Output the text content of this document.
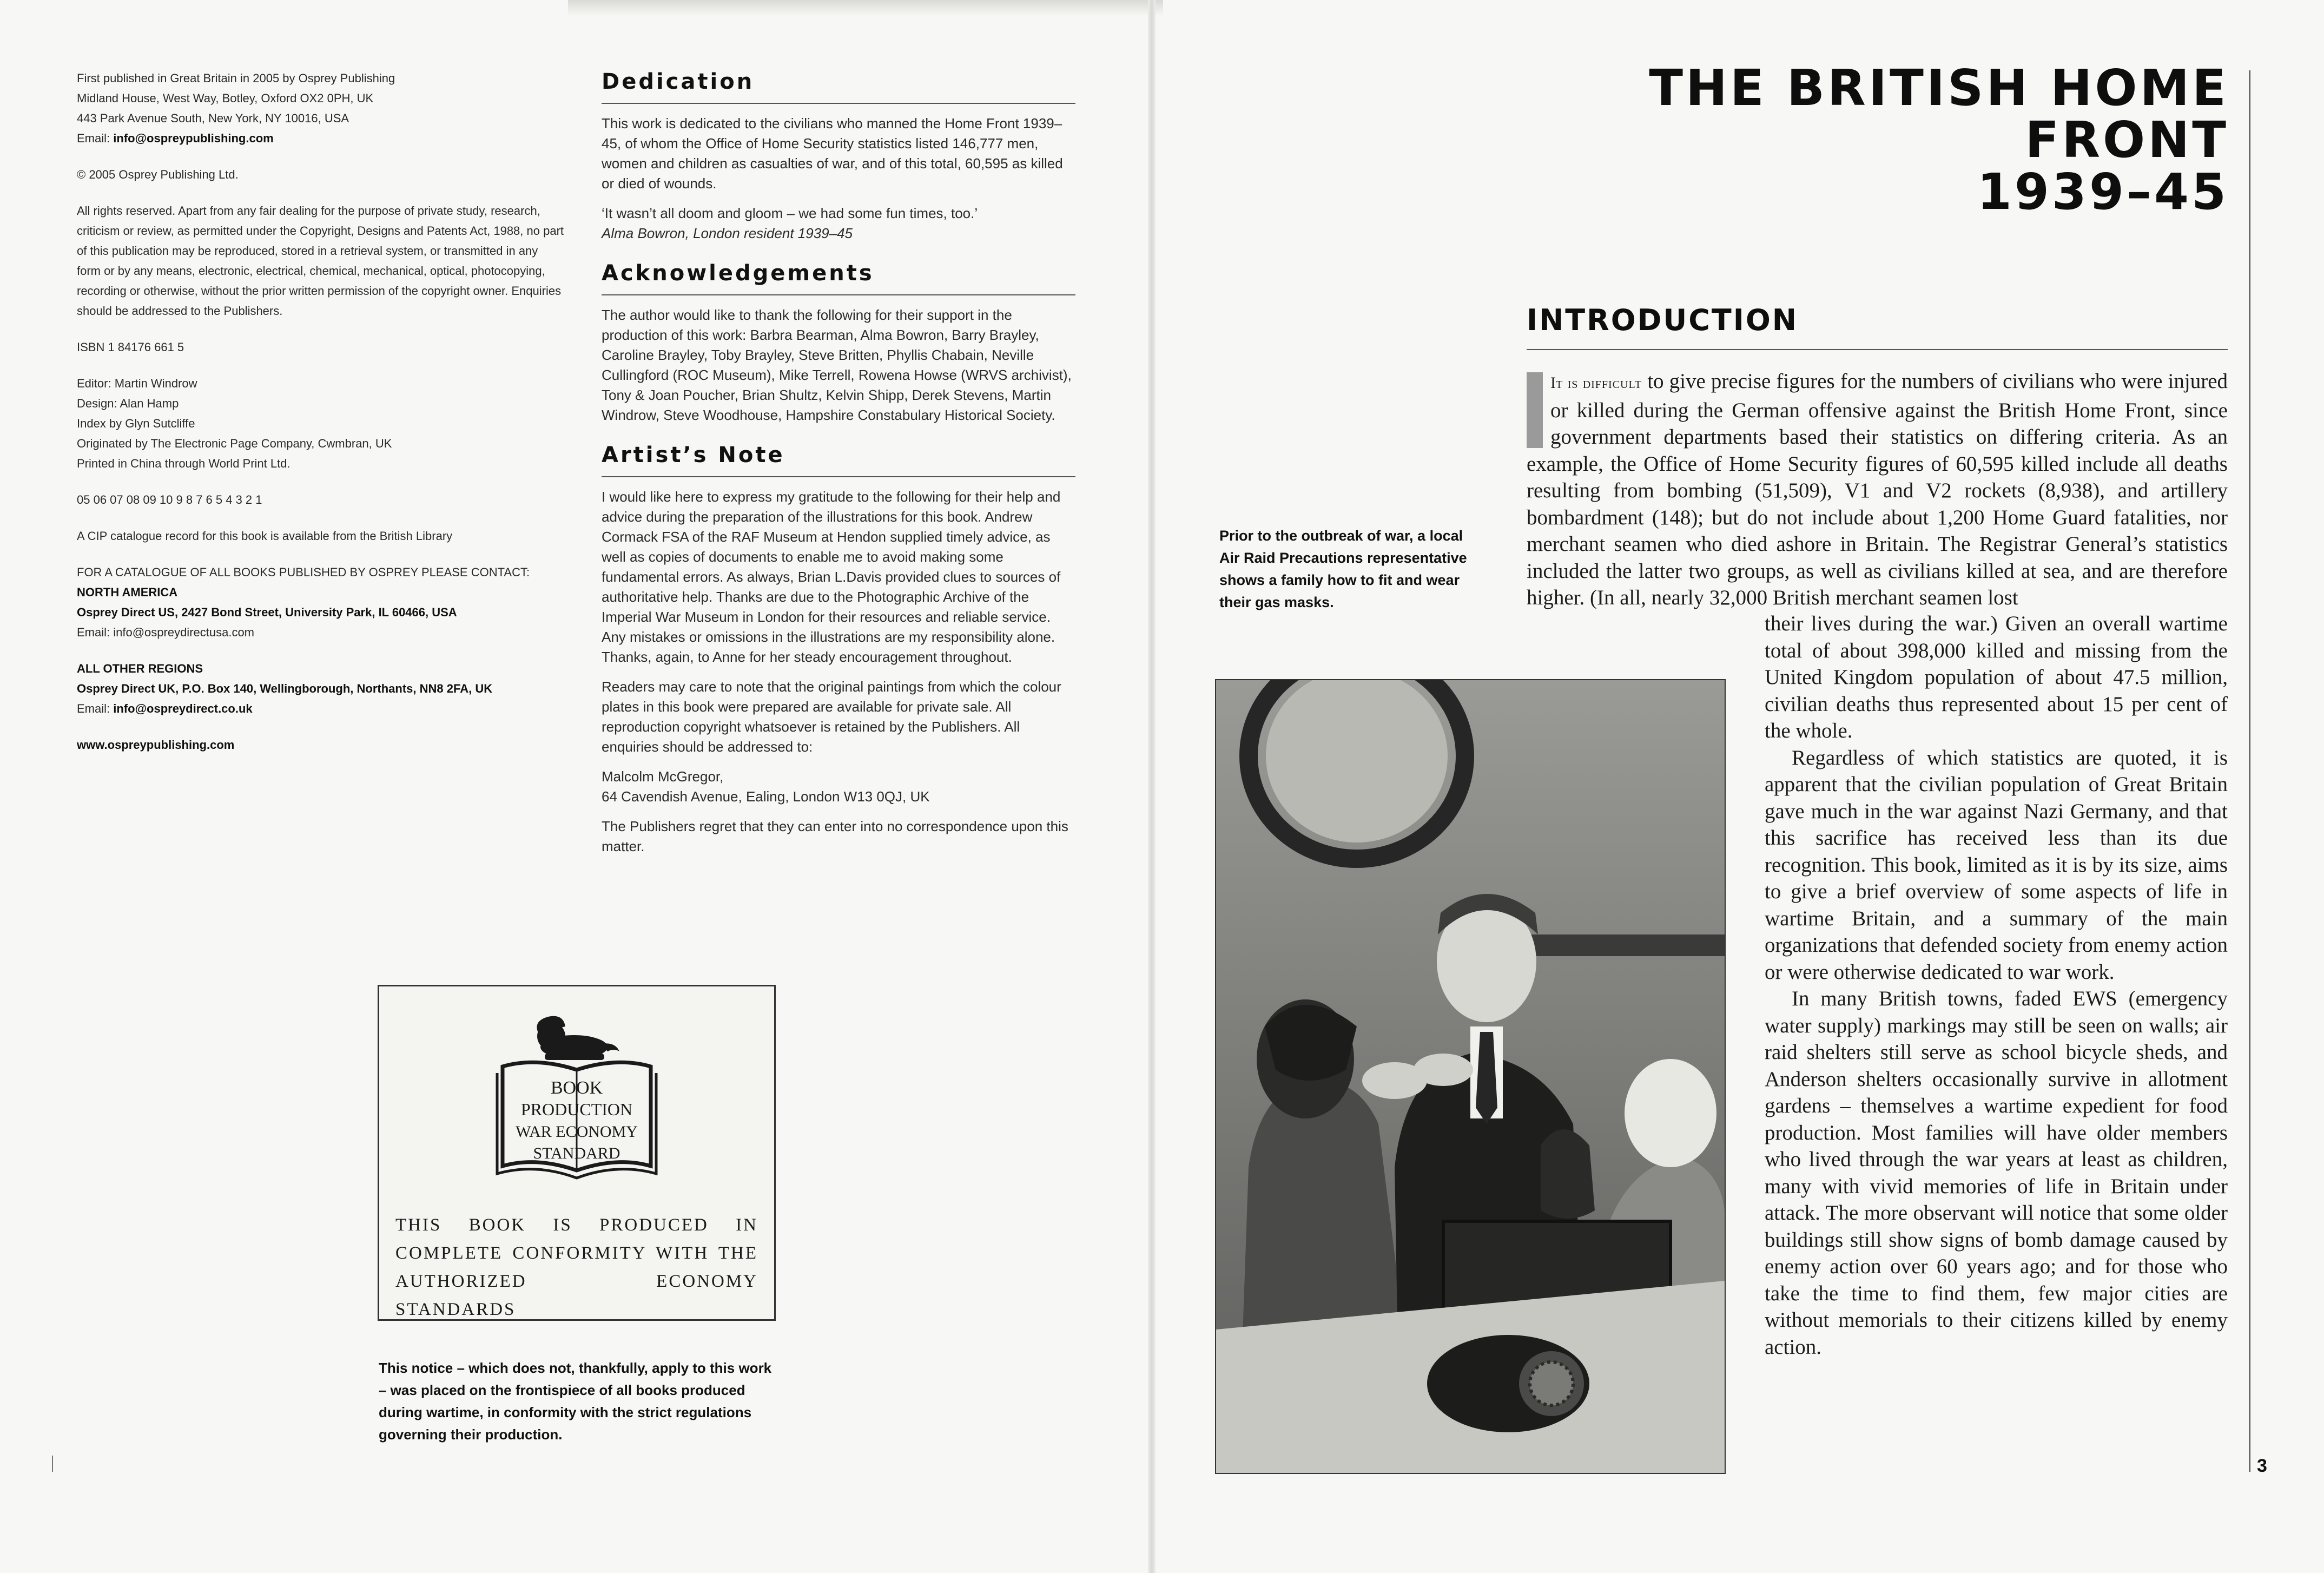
First published in Great Britain in 2005 by Osprey Publishing
Midland House, West Way, Botley, Oxford OX2 0PH, UK
443 Park Avenue South, New York, NY 10016, USA
Email: info@ospreypublishing.com

© 2005 Osprey Publishing Ltd.

All rights reserved. Apart from any fair dealing for the purpose of private study, research, criticism or review, as permitted under the Copyright, Designs and Patents Act, 1988, no part of this publication may be reproduced, stored in a retrieval system, or transmitted in any form or by any means, electronic, electrical, chemical, mechanical, optical, photocopying, recording or otherwise, without the prior written permission of the copyright owner. Enquiries should be addressed to the Publishers.

ISBN 1 84176 661 5

Editor: Martin Windrow
Design: Alan Hamp
Index by Glyn Sutcliffe
Originated by The Electronic Page Company, Cwmbran, UK
Printed in China through World Print Ltd.

05 06 07 08 09 10 9 8 7 6 5 4 3 2 1

A CIP catalogue record for this book is available from the British Library

FOR A CATALOGUE OF ALL BOOKS PUBLISHED BY OSPREY PLEASE CONTACT:
NORTH AMERICA
Osprey Direct US, 2427 Bond Street, University Park, IL 60466, USA
Email: info@ospreydirectusa.com

ALL OTHER REGIONS
Osprey Direct UK, P.O. Box 140, Wellingborough, Northants, NN8 2FA, UK
Email: info@ospreydirect.co.uk

www.ospreypublishing.com

Dedication

This work is dedicated to the civilians who manned the Home Front 1939–45, of whom the Office of Home Security statistics listed 146,777 men, women and children as casualties of war, and of this total, 60,595 as killed or died of wounds.

‘It wasn’t all doom and gloom – we had some fun times, too.’
Alma Bowron, London resident 1939–45

Acknowledgements

The author would like to thank the following for their support in the production of this work: Barbra Bearman, Alma Bowron, Barry Brayley, Caroline Brayley, Toby Brayley, Steve Britten, Phyllis Chabain, Neville Cullingford (ROC Museum), Mike Terrell, Rowena Howse (WRVS archivist), Tony & Joan Poucher, Brian Shultz, Kelvin Shipp, Derek Stevens, Martin Windrow, Steve Woodhouse, Hampshire Constabulary Historical Society.

Artist’s Note

I would like here to express my gratitude to the following for their help and advice during the preparation of the illustrations for this book. Andrew Cormack FSA of the RAF Museum at Hendon supplied timely advice, as well as copies of documents to enable me to avoid making some fundamental errors. As always, Brian L.Davis provided clues to sources of authoritative help. Thanks are due to the Photographic Archive of the Imperial War Museum in London for their resources and reliable service. Any mistakes or omissions in the illustrations are my responsibility alone. Thanks, again, to Anne for her steady encouragement throughout.

Readers may care to note that the original paintings from which the colour plates in this book were prepared are available for private sale. All reproduction copyright whatsoever is retained by the Publishers. All enquiries should be addressed to:

Malcolm McGregor,
64 Cavendish Avenue, Ealing, London W13 0QJ, UK

The Publishers regret that they can enter into no correspondence upon this matter.

BOOK
PRODUCTION
WAR ECONOMY
STANDARD
THIS BOOK IS PRODUCED IN COMPLETE CONFORMITY WITH THE AUTHORIZED ECONOMY STANDARDS
This notice – which does not, thankfully, apply to this work – was placed on the frontispiece of all books produced during wartime, in conformity with the strict regulations governing their production.
THE BRITISH HOME FRONT
1939–45
INTRODUCTION
It is difficult to give precise figures for the numbers of civilians who were injured or killed during the German offensive against the British Home Front, since government departments based their statistics on differing criteria. As an example, the Office of Home Security figures of 60,595 killed include all deaths resulting from bombing (51,509), V1 and V2 rockets (8,938), and artillery bombardment (148); but do not include about 1,200 Home Guard fatalities, nor merchant seamen who died ashore in Britain. The Registrar General’s statistics included the latter two groups, as well as civilians killed at sea, and are therefore higher. (In all, nearly 32,000 British merchant seamen lost

their lives during the war.) Given an overall wartime total of about 398,000 killed and missing from the United Kingdom population of about 47.5 million, civilian deaths thus represented about 15 per cent of the whole.

Regardless of which statistics are quoted, it is apparent that the civilian population of Great Britain gave much in the war against Nazi Germany, and that this sacrifice has received less than its due recognition. This book, limited as it is by its size, aims to give a brief overview of some aspects of life in wartime Britain, and a summary of the main organizations that defended society from enemy action or were otherwise dedicated to war work.

In many British towns, faded EWS (emergency water supply) markings may still be seen on walls; air raid shelters still serve as school bicycle sheds, and Anderson shelters occasionally survive in allotment gardens – themselves a wartime expedient for food production. Most families will have older members who lived through the war years at least as children, many with vivid memories of life in Britain under attack. The more observant will notice that some older buildings still show signs of bomb damage caused by enemy action over 60 years ago; and for those who take the time to find them, few major cities are without memorials to their citizens killed by enemy action.

Prior to the outbreak of war, a local Air Raid Precautions representative shows a family how to fit and wear their gas masks.
3
